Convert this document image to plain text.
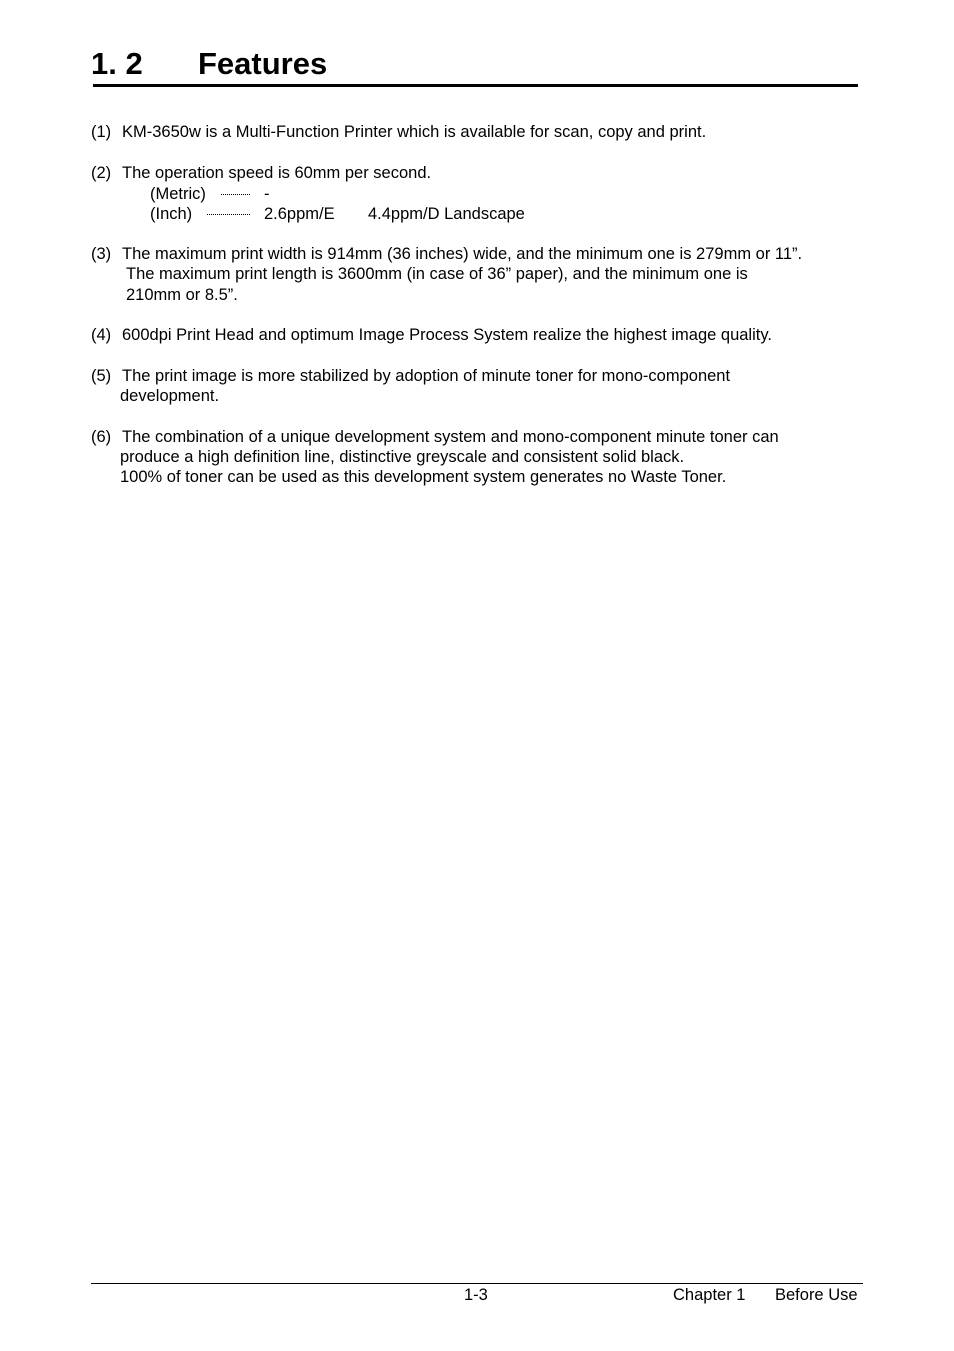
1. 2 Features
(1) KM-3650w is a Multi-Function Printer which is available for scan, copy and print.
(2) The operation speed is 60mm per second.
(Metric)	-
(Inch)	2.6ppm/E 4.4ppm/D Landscape
(3) The maximum print width is 914mm (36 inches) wide, and the minimum one is 279mm or 11”.
The maximum print length is 3600mm (in case of 36” paper), and the minimum one is
210mm or 8.5”.
(4) 600dpi Print Head and optimum Image Process System realize the highest image quality.
(5) The print image is more stabilized by adoption of minute toner for mono-component
development.
(6) The combination of a unique development system and mono-component minute toner can
produce a high definition line, distinctive greyscale and consistent solid black.
100% of toner can be used as this development system generates no Waste Toner.
1-3	Chapter 1 Before Use
